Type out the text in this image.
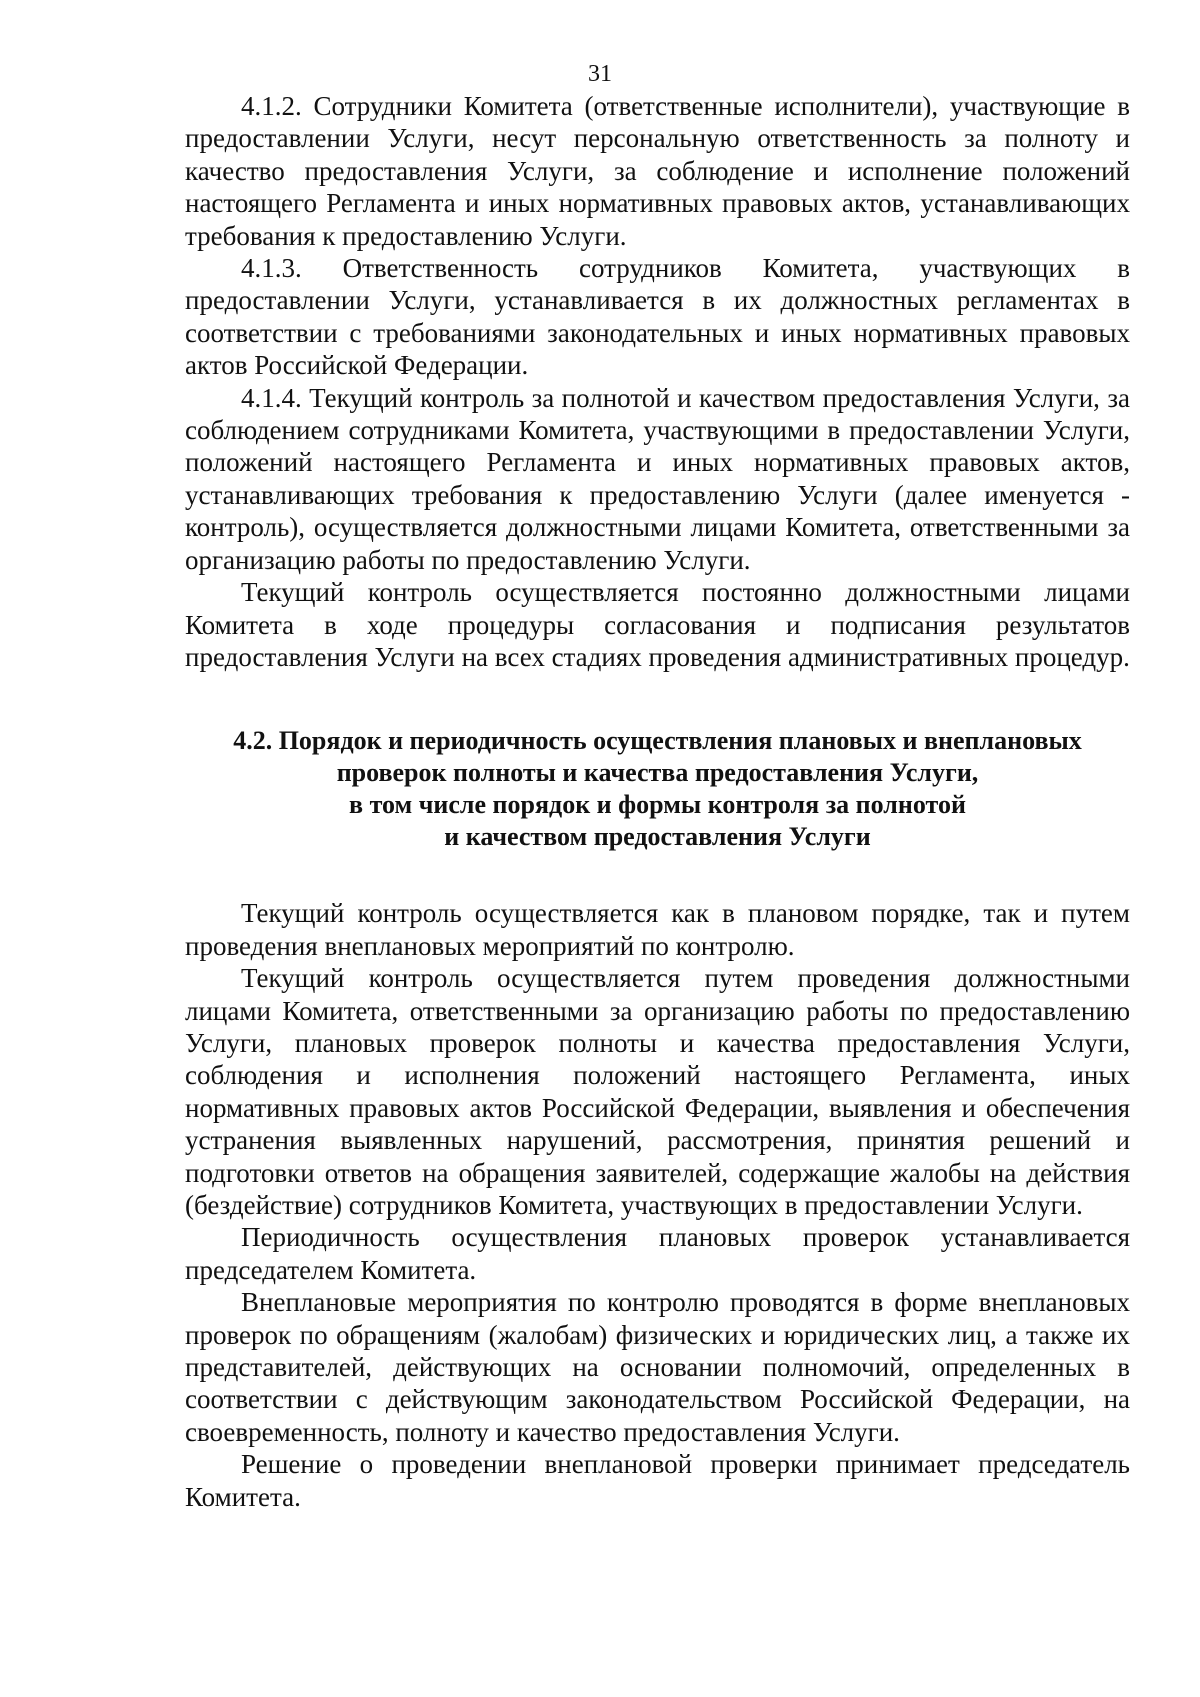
31

4.1.2. Сотрудники Комитета (ответственные исполнители), участвующие в предоставлении Услуги, несут персональную ответственность за полноту и качество предоставления Услуги, за соблюдение и исполнение положений настоящего Регламента и иных нормативных правовых актов, устанавливающих требования к предоставлению Услуги.

4.1.3. Ответственность сотрудников Комитета, участвующих в предоставлении Услуги, устанавливается в их должностных регламентах в соответствии с требованиями законодательных и иных нормативных правовых актов Российской Федерации.

4.1.4. Текущий контроль за полнотой и качеством предоставления Услуги, за соблюдением сотрудниками Комитета, участвующими в предоставлении Услуги, положений настоящего Регламента и иных нормативных правовых актов, устанавливающих требования к предоставлению Услуги (далее именуется - контроль), осуществляется должностными лицами Комитета, ответственными за организацию работы по предоставлению Услуги.

Текущий контроль осуществляется постоянно должностными лицами Комитета в ходе процедуры согласования и подписания результатов предоставления Услуги на всех стадиях проведения административных процедур.

4.2. Порядок и периодичность осуществления плановых и внеплановых
проверок полноты и качества предоставления Услуги,
в том числе порядок и формы контроля за полнотой
и качеством предоставления Услуги

Текущий контроль осуществляется как в плановом порядке, так и путем проведения внеплановых мероприятий по контролю.

Текущий контроль осуществляется путем проведения должностными лицами Комитета, ответственными за организацию работы по предоставлению Услуги, плановых проверок полноты и качества предоставления Услуги, соблюдения и исполнения положений настоящего Регламента, иных нормативных правовых актов Российской Федерации, выявления и обеспечения устранения выявленных нарушений, рассмотрения, принятия решений и подготовки ответов на обращения заявителей, содержащие жалобы на действия (бездействие) сотрудников Комитета, участвующих в предоставлении Услуги.

Периодичность осуществления плановых проверок устанавливается председателем Комитета.

Внеплановые мероприятия по контролю проводятся в форме внеплановых проверок по обращениям (жалобам) физических и юридических лиц, а также их представителей, действующих на основании полномочий, определенных в соответствии с действующим законодательством Российской Федерации, на своевременность, полноту и качество предоставления Услуги.

Решение о проведении внеплановой проверки принимает председатель Комитета.
